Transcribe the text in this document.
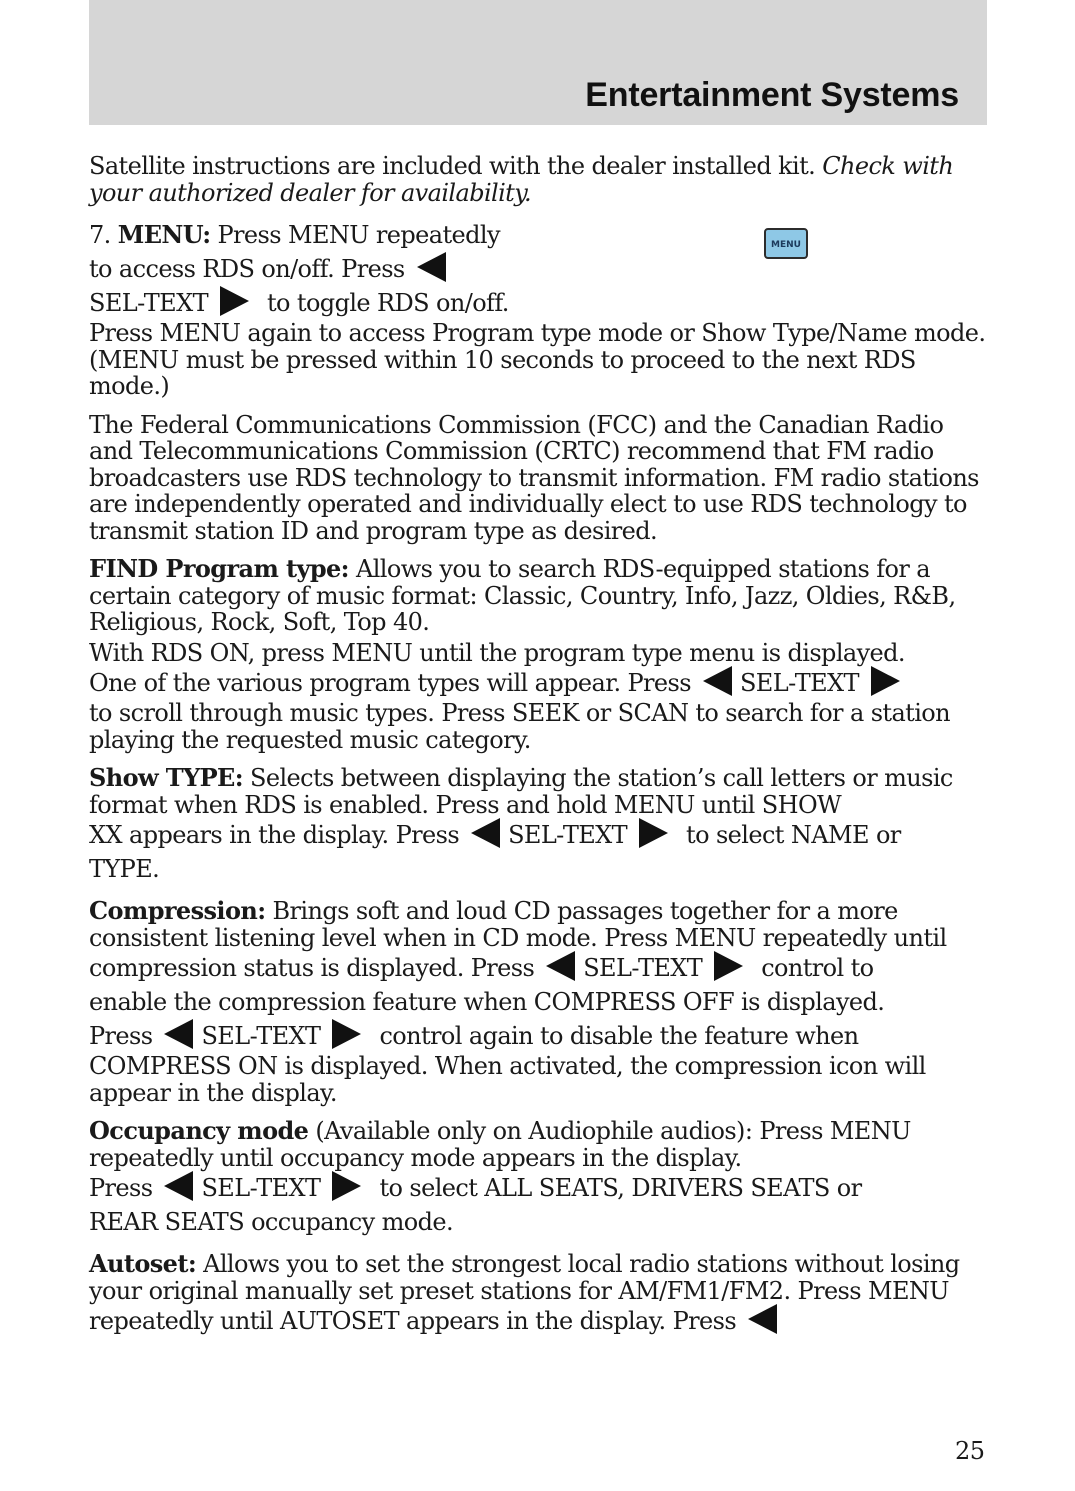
Entertainment Systems
MENU

Satellite instructions are included with the dealer installed kit. Check with your authorized dealer for availability.

7. MENU: Press MENU repeatedly
to access RDS on/off. Press
SEL-TEXT to toggle RDS on/off.

Press MENU again to access Program type mode or Show Type/Name mode. (MENU must be pressed within 10 seconds to proceed to the next RDS mode.)

The Federal Communications Commission (FCC) and the Canadian Radio and Telecommunications Commission (CRTC) recommend that FM radio broadcasters use RDS technology to transmit information. FM radio stations are independently operated and individually elect to use RDS technology to transmit station ID and program type as desired.

FIND Program type: Allows you to search RDS-equipped stations for a certain category of music format: Classic, Country, Info, Jazz, Oldies, R&B, Religious, Rock, Soft, Top 40.

With RDS ON, press MENU until the program type menu is displayed.

One of the various program types will appear. Press SEL-TEXT
to scroll through music types. Press SEEK or SCAN to search for a station playing the requested music category.

Show TYPE: Selects between displaying the station’s call letters or music format when RDS is enabled. Press and hold MENU until SHOW
XX appears in the display. Press SEL-TEXT to select NAME or
TYPE.

Compression: Brings soft and loud CD passages together for a more consistent listening level when in CD mode. Press MENU repeatedly until
compression status is displayed. Press SEL-TEXT control to
enable the compression feature when COMPRESS OFF is displayed.
Press SEL-TEXT control again to disable the feature when
COMPRESS ON is displayed. When activated, the compression icon will appear in the display.

Occupancy mode (Available only on Audiophile audios): Press MENU repeatedly until occupancy mode appears in the display.
Press SEL-TEXT to select ALL SEATS, DRIVERS SEATS or
REAR SEATS occupancy mode.

Autoset: Allows you to set the strongest local radio stations without losing your original manually set preset stations for AM/FM1/FM2. Press MENU repeatedly until AUTOSET appears in the display. Press

25
